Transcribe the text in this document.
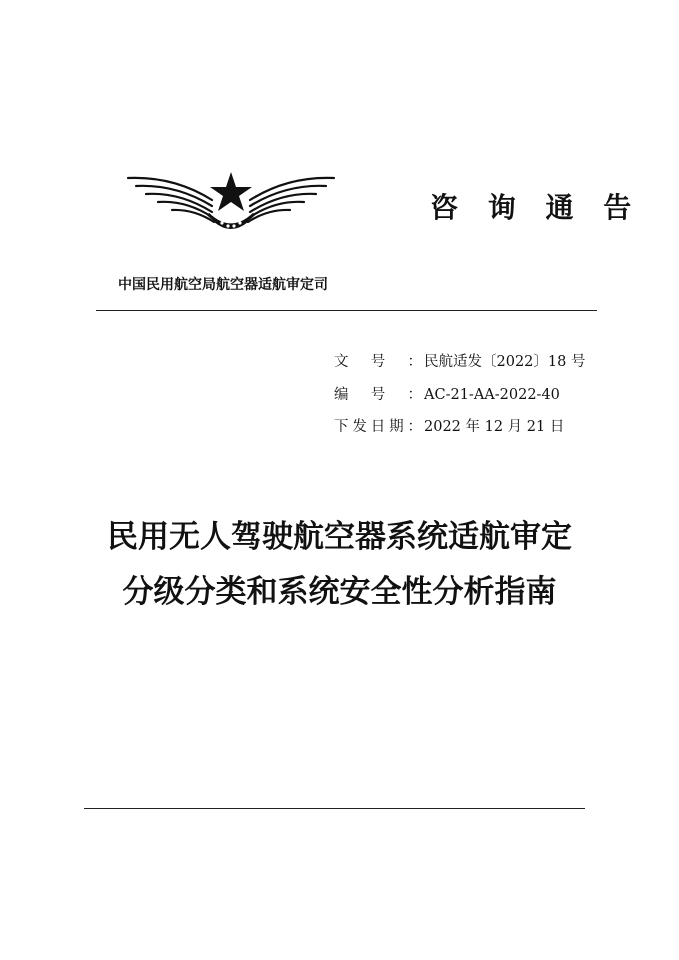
咨 询 通 告
中国民用航空局航空器适航审定司
文号： 民航适发〔2022〕18 号
编号： AC-21-AA-2022-40
下发日期： 2022 年 12 月 21 日
民用无人驾驶航空器系统适航审定
分级分类和系统安全性分析指南
